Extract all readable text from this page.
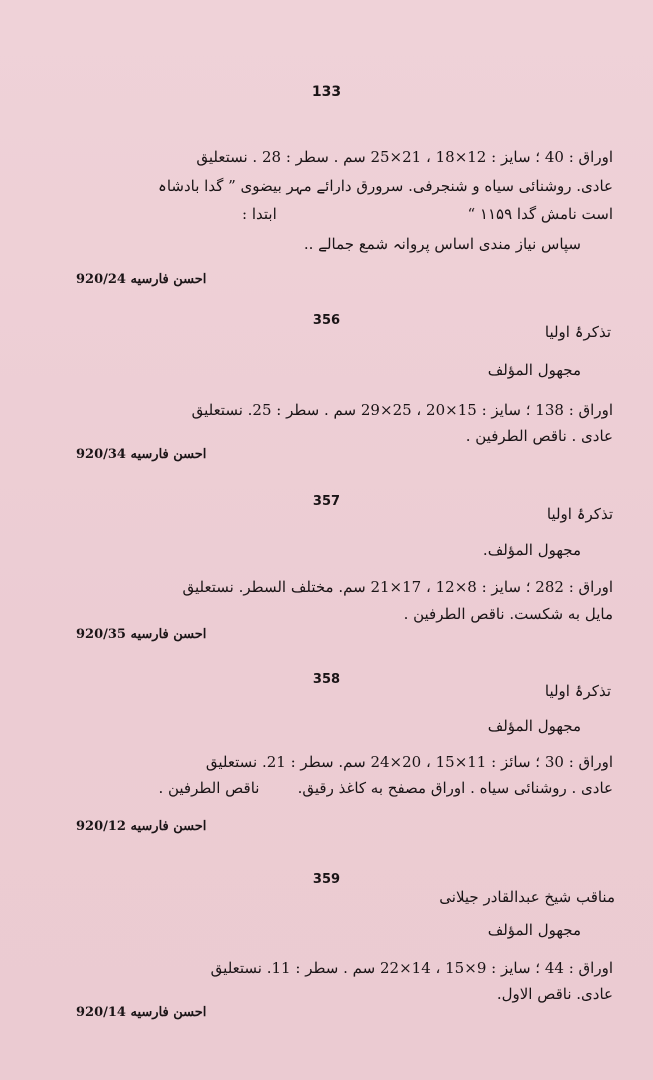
133
اوراق : 40 ؛ سایز : 12×18 ، 21×25 سم . سطر : 28 . نستعلیق
عادی. روشنائی سیاه و شنجرفی. سرورق دارائے مہر بیضوی ” گدا بادشاہ
است نامش گدا ۱۱۵۹ “                                        ابتدا :
سپاس نیاز مندی اساس پروانہ شمع جمالے ..
احسن فارسیه 920/24
356
تذکرۂ اولیا
مجهول المؤلف
اوراق : 138 ؛ سایز : 15×20 ، 25×29 سم . سطر : 25. نستعلیق
عادی . ناقص الطرفین .
احسن فارسیه 920/34
357
تذکرۂ اولیا
مجهول المؤلف.
اوراق : 282 ؛ سایز : 8×12 ، 17×21 سم. مختلف السطر. نستعلیق
مایل به شکست. ناقص الطرفین .
احسن فارسیه 920/35
358
تذکرۂ اولیا
مجهول المؤلف
اوراق : 30 ؛ سائز : 11×15 ، 20×24 سم. سطر : 21. نستعلیق
عادی . روشنائی سیاه . اوراق مصفح به کاغذ رقیق.        ناقص الطرفین .
احسن فارسیه 920/12
359
مناقب شیخ عبدالقادر جیلانی
مجهول المؤلف
اوراق : 44 ؛ سایز : 9×15 ، 14×22 سم . سطر : 11. نستعلیق
عادی. ناقص الاول.
احسن فارسیه 920/14
